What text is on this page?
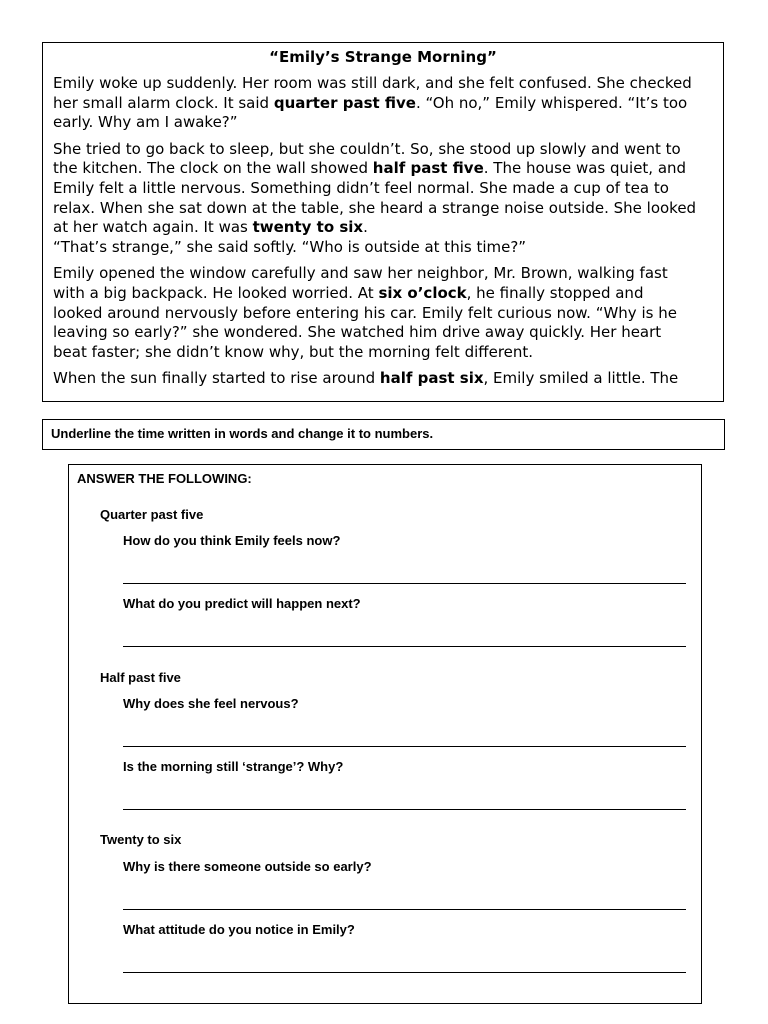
“Emily’s Strange Morning”
Emily woke up suddenly. Her room was still dark, and she felt confused. She checked
her small alarm clock. It said quarter past five. “Oh no,” Emily whispered. “It’s too
early. Why am I awake?”
She tried to go back to sleep, but she couldn’t. So, she stood up slowly and went to
the kitchen. The clock on the wall showed half past five. The house was quiet, and
Emily felt a little nervous. Something didn’t feel normal. She made a cup of tea to
relax. When she sat down at the table, she heard a strange noise outside. She looked
at her watch again. It was twenty to six.
“That’s strange,” she said softly. “Who is outside at this time?”
Emily opened the window carefully and saw her neighbor, Mr. Brown, walking fast
with a big backpack. He looked worried. At six o’clock, he finally stopped and
looked around nervously before entering his car. Emily felt curious now. “Why is he
leaving so early?” she wondered. She watched him drive away quickly. Her heart
beat faster; she didn’t know why, but the morning felt different.
When the sun finally started to rise around half past six, Emily smiled a little. The
Underline the time written in words and change it to numbers.
ANSWER THE FOLLOWING:
Quarter past five
How do you think Emily feels now?
What do you predict will happen next?
Half past five
Why does she feel nervous?
Is the morning still ‘strange’? Why?
Twenty to six
Why is there someone outside so early?
What attitude do you notice in Emily?
